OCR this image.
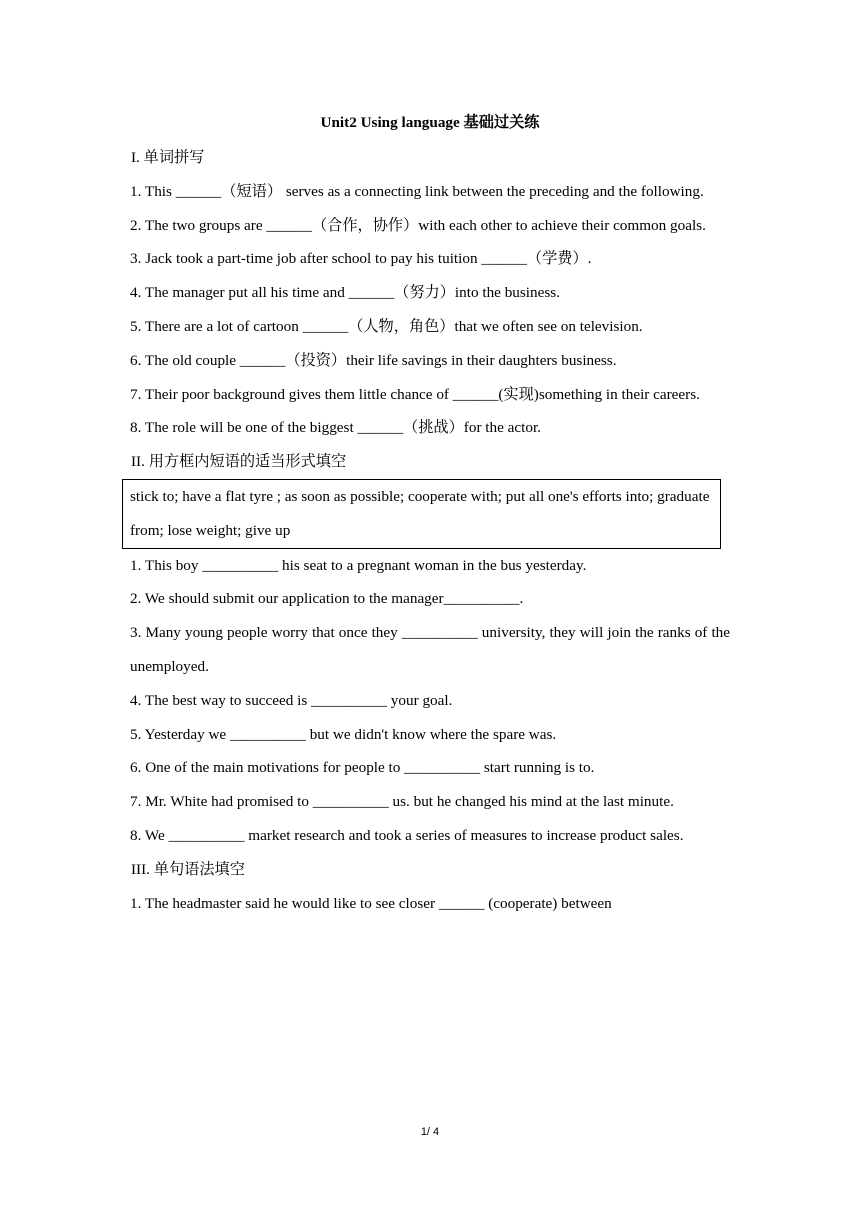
Unit2 Using language 基础过关练
I. 单词拼写
1. This ______（短语） serves as a connecting link between the preceding and the following.
2. The two groups are ______（合作，协作）with each other to achieve their common goals.
3. Jack took a part-time job after school to pay his tuition ______（学费）.
4. The manager put all his time and ______（努力）into the business.
5. There are a lot of cartoon ______（人物，角色）that we often see on television.
6. The old couple ______（投资）their life savings in their daughters business.
7. Their poor background gives them little chance of ______(实现)something in their careers.
8. The role will be one of the biggest ______（挑战）for the actor.
II. 用方框内短语的适当形式填空
stick to; have a flat tyre ; as soon as possible; cooperate with; put all one's efforts into; graduate from; lose weight; give up
1. This boy __________ his seat to a pregnant woman in the bus yesterday.
2. We should submit our application to the manager__________.
3. Many young people worry that once they __________ university, they will join the ranks of the unemployed.
4. The best way to succeed is __________ your goal.
5. Yesterday we __________ but we didn't know where the spare was.
6. One of the main motivations for people to __________ start running is to.
7. Mr. White had promised to __________ us. but he changed his mind at the last minute.
8. We __________ market research and took a series of measures to increase product sales.
III. 单句语法填空
1. The headmaster said he would like to see closer ______ (cooperate) between
1/ 4
